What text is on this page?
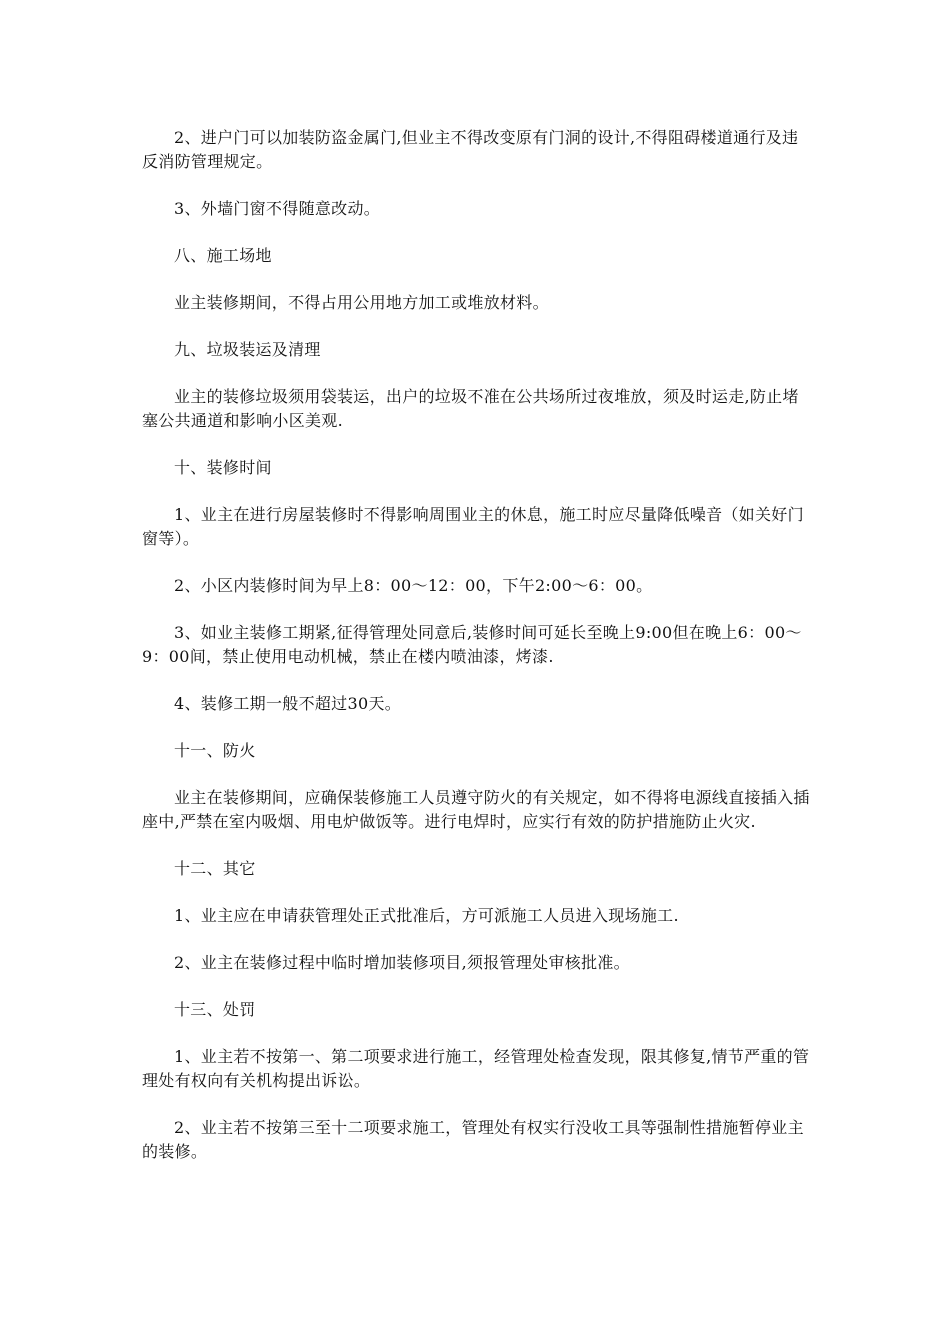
2、进户门可以加装防盗金属门,但业主不得改变原有门洞的设计,不得阻碍楼道通行及违反消防管理规定。

3、外墙门窗不得随意改动。

八、施工场地

业主装修期间，不得占用公用地方加工或堆放材料。

九、垃圾装运及清理

业主的装修垃圾须用袋装运，出户的垃圾不准在公共场所过夜堆放，须及时运走,防止堵塞公共通道和影响小区美观.

十、装修时间

1、业主在进行房屋装修时不得影响周围业主的休息，施工时应尽量降低噪音（如关好门窗等）。

2、小区内装修时间为早上8：00～12：00，下午2:00～6：00。

3、如业主装修工期紧,征得管理处同意后,装修时间可延长至晚上9:00但在晚上6：00～9：00间，禁止使用电动机械，禁止在楼内喷油漆，烤漆.

4、装修工期一般不超过30天。

十一、防火

业主在装修期间，应确保装修施工人员遵守防火的有关规定，如不得将电源线直接插入插座中,严禁在室内吸烟、用电炉做饭等。进行电焊时，应实行有效的防护措施防止火灾.

十二、其它

1、业主应在申请获管理处正式批准后，方可派施工人员进入现场施工.

2、业主在装修过程中临时增加装修项目,须报管理处审核批准。

十三、处罚

1、业主若不按第一、第二项要求进行施工，经管理处检查发现，限其修复,情节严重的管理处有权向有关机构提出诉讼。

2、业主若不按第三至十二项要求施工，管理处有权实行没收工具等强制性措施暂停业主的装修。
